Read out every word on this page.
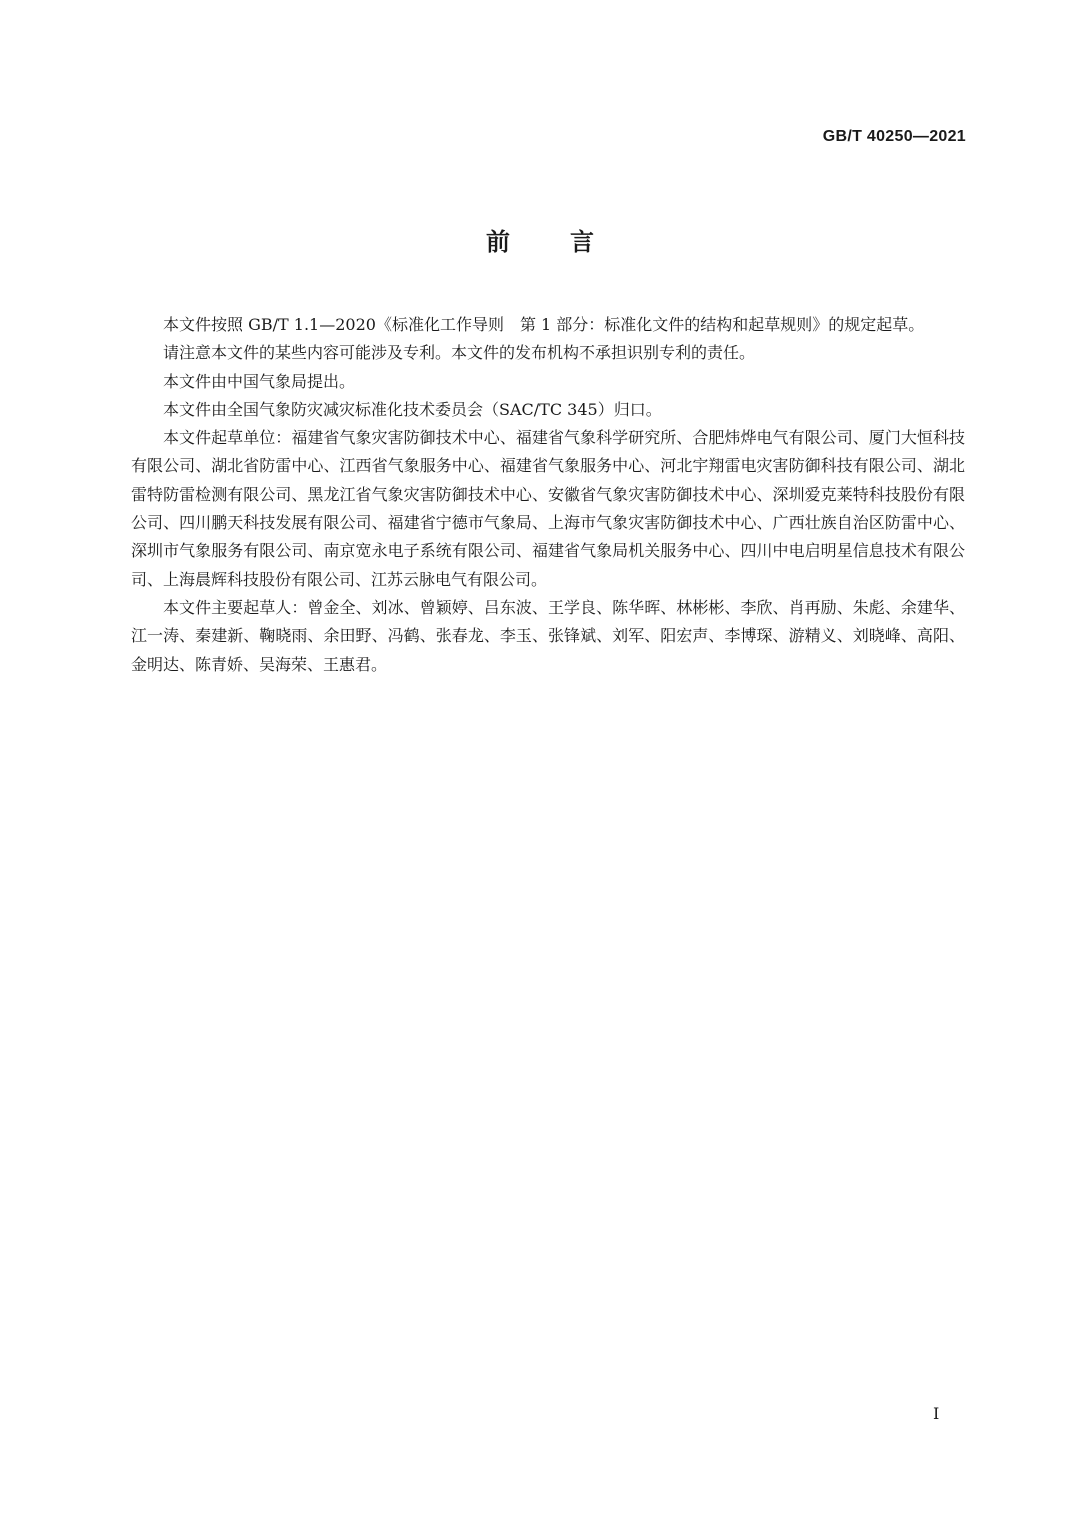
GB/T 40250—2021
前言

本文件按照 GB/T 1.1—2020《标准化工作导则　第 1 部分：标准化文件的结构和起草规则》的规定起草。

请注意本文件的某些内容可能涉及专利。本文件的发布机构不承担识别专利的责任。

本文件由中国气象局提出。

本文件由全国气象防灾减灾标准化技术委员会（SAC/TC 345）归口。

本文件起草单位：福建省气象灾害防御技术中心、福建省气象科学研究所、合肥炜烨电气有限公司、厦门大恒科技有限公司、湖北省防雷中心、江西省气象服务中心、福建省气象服务中心、河北宇翔雷电灾害防御科技有限公司、湖北雷特防雷检测有限公司、黑龙江省气象灾害防御技术中心、安徽省气象灾害防御技术中心、深圳爱克莱特科技股份有限公司、四川鹏天科技发展有限公司、福建省宁德市气象局、上海市气象灾害防御技术中心、广西壮族自治区防雷中心、深圳市气象服务有限公司、南京宽永电子系统有限公司、福建省气象局机关服务中心、四川中电启明星信息技术有限公司、上海晨辉科技股份有限公司、江苏云脉电气有限公司。

本文件主要起草人：曾金全、刘冰、曾颖婷、吕东波、王学良、陈华晖、林彬彬、李欣、肖再励、朱彪、余建华、江一涛、秦建新、鞠晓雨、余田野、冯鹤、张春龙、李玉、张锋斌、刘军、阳宏声、李博琛、游精义、刘晓峰、高阳、金明达、陈青娇、吴海荣、王惠君。

I
